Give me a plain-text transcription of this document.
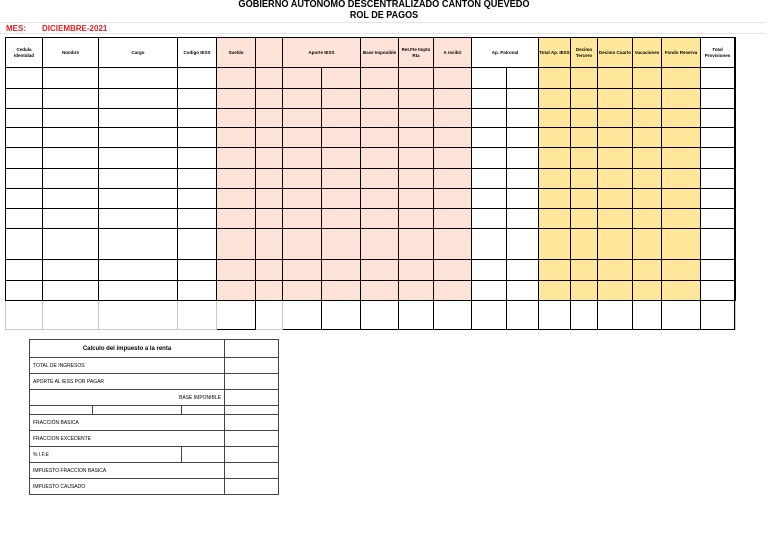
GOBIERNO AUTONOMO DESCENTRALIZADO CANTON QUEVEDO
ROL DE PAGOS
MES: DICIEMBRE-2021
Cedula Identidad	Nombre	Cargo	Codigo IESS	Sueldo		Aporte IESS		Base Imponible	Ret.Fte Impto Rta	A recibir	Ap. Patronal		Total Ap. IESS	Decimo Tercero	Decimo Cuarto	Vacaciones	Fondo Reserva	Total Provisiones	

Calculo del impuesto a la renta			
TOTAL DE INGRESOS			
APORTE AL IESS POR PAGAR			
BASE IMPONIBLE			

FRACCIÓN BASICA			
FRACCION EXCEDENTE			
% I.F.E			
IMPUESTO FRACCION BASICA			
IMPUESTO CAUSADO			
